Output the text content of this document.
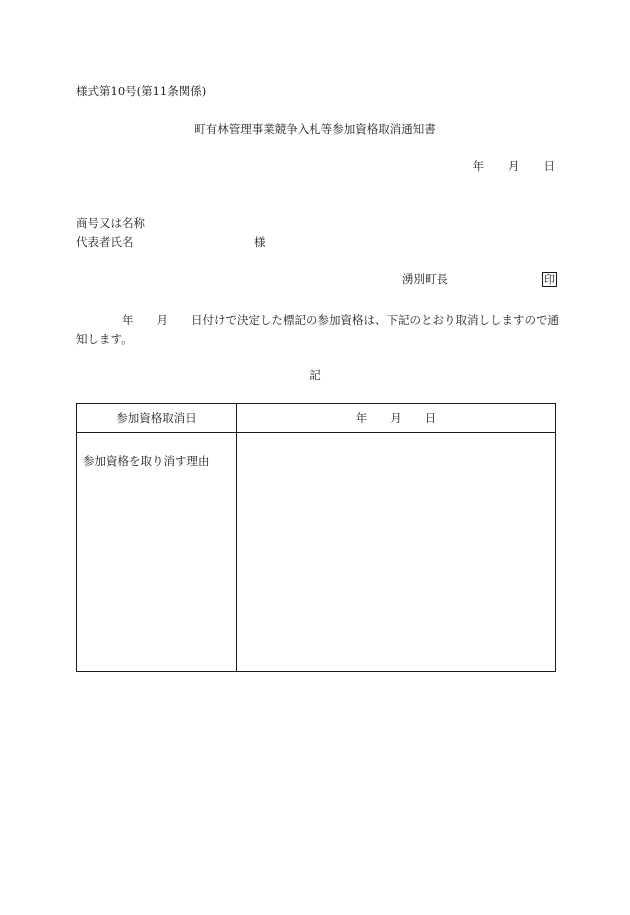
様式第10号(第11条関係)
町有林管理事業競争入札等参加資格取消通知書
年 月 日
商号又は名称
代表者氏名	様
湧別町長	印
　　　　年　　月　　日付けで決定した標記の参加資格は、下記のとおり取消ししますので通知します。
記
参加資格取消日	年　　月　　日
参加資格を取り消す理由	
